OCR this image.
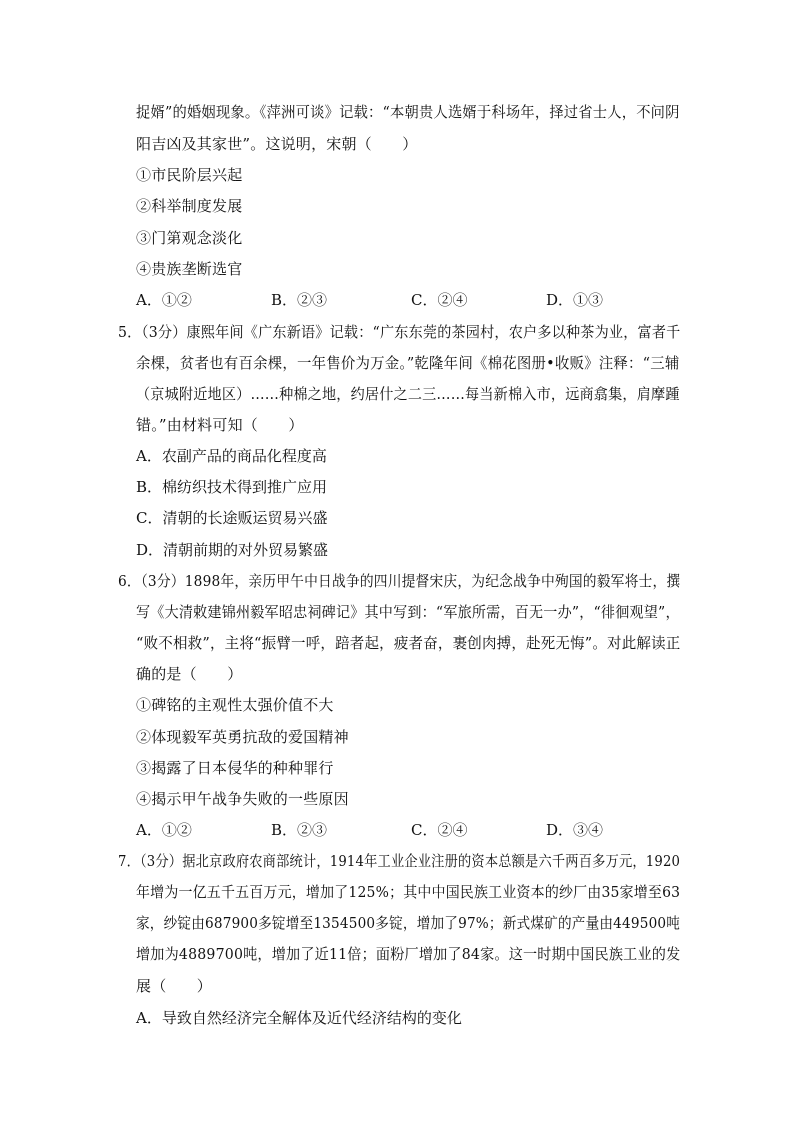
捉婿”的婚姻现象。《萍洲可谈》记载：“本朝贵人选婿于科场年，择过省士人，不问阴
阳吉凶及其家世”。这说明，宋朝（　　）
①市民阶层兴起
②科举制度发展
③门第观念淡化
④贵族垄断选官
A．①②	B．②③	C．②④	D．①③
5．（3分）康熙年间《广东新语》记载：“广东东莞的茶园村，农户多以种茶为业，富者千
余棵，贫者也有百余棵，一年售价为万金。”乾隆年间《棉花图册•收贩》注释：“三辅
（京城附近地区）……种棉之地，约居什之二三……每当新棉入市，远商翕集，肩摩踵
错。”由材料可知（　　）
A．农副产品的商品化程度高
B．棉纺织技术得到推广应用
C．清朝的长途贩运贸易兴盛
D．清朝前期的对外贸易繁盛
6．（3分）1898年，亲历甲午中日战争的四川提督宋庆，为纪念战争中殉国的毅军将士，撰
写《大清敕建锦州毅军昭忠祠碑记》其中写到：“军旅所需，百无一办”，“徘徊观望”，
“败不相救”，主将“振臂一呼，踣者起，疲者奋，裹创肉搏，赴死无悔”。对此解读正
确的是（　　）
①碑铭的主观性太强价值不大
②体现毅军英勇抗敌的爱国精神
③揭露了日本侵华的种种罪行
④揭示甲午战争失败的一些原因
A．①②	B．②③	C．②④	D．③④
7．（3分）据北京政府农商部统计，1914年工业企业注册的资本总额是六千两百多万元，1920
年增为一亿五千五百万元，增加了125%；其中中国民族工业资本的纱厂由35家增至63
家，纱锭由687900多锭增至1354500多锭，增加了97%；新式煤矿的产量由449500吨
增加为4889700吨，增加了近11倍；面粉厂增加了84家。这一时期中国民族工业的发
展（　　）
A．导致自然经济完全解体及近代经济结构的变化
